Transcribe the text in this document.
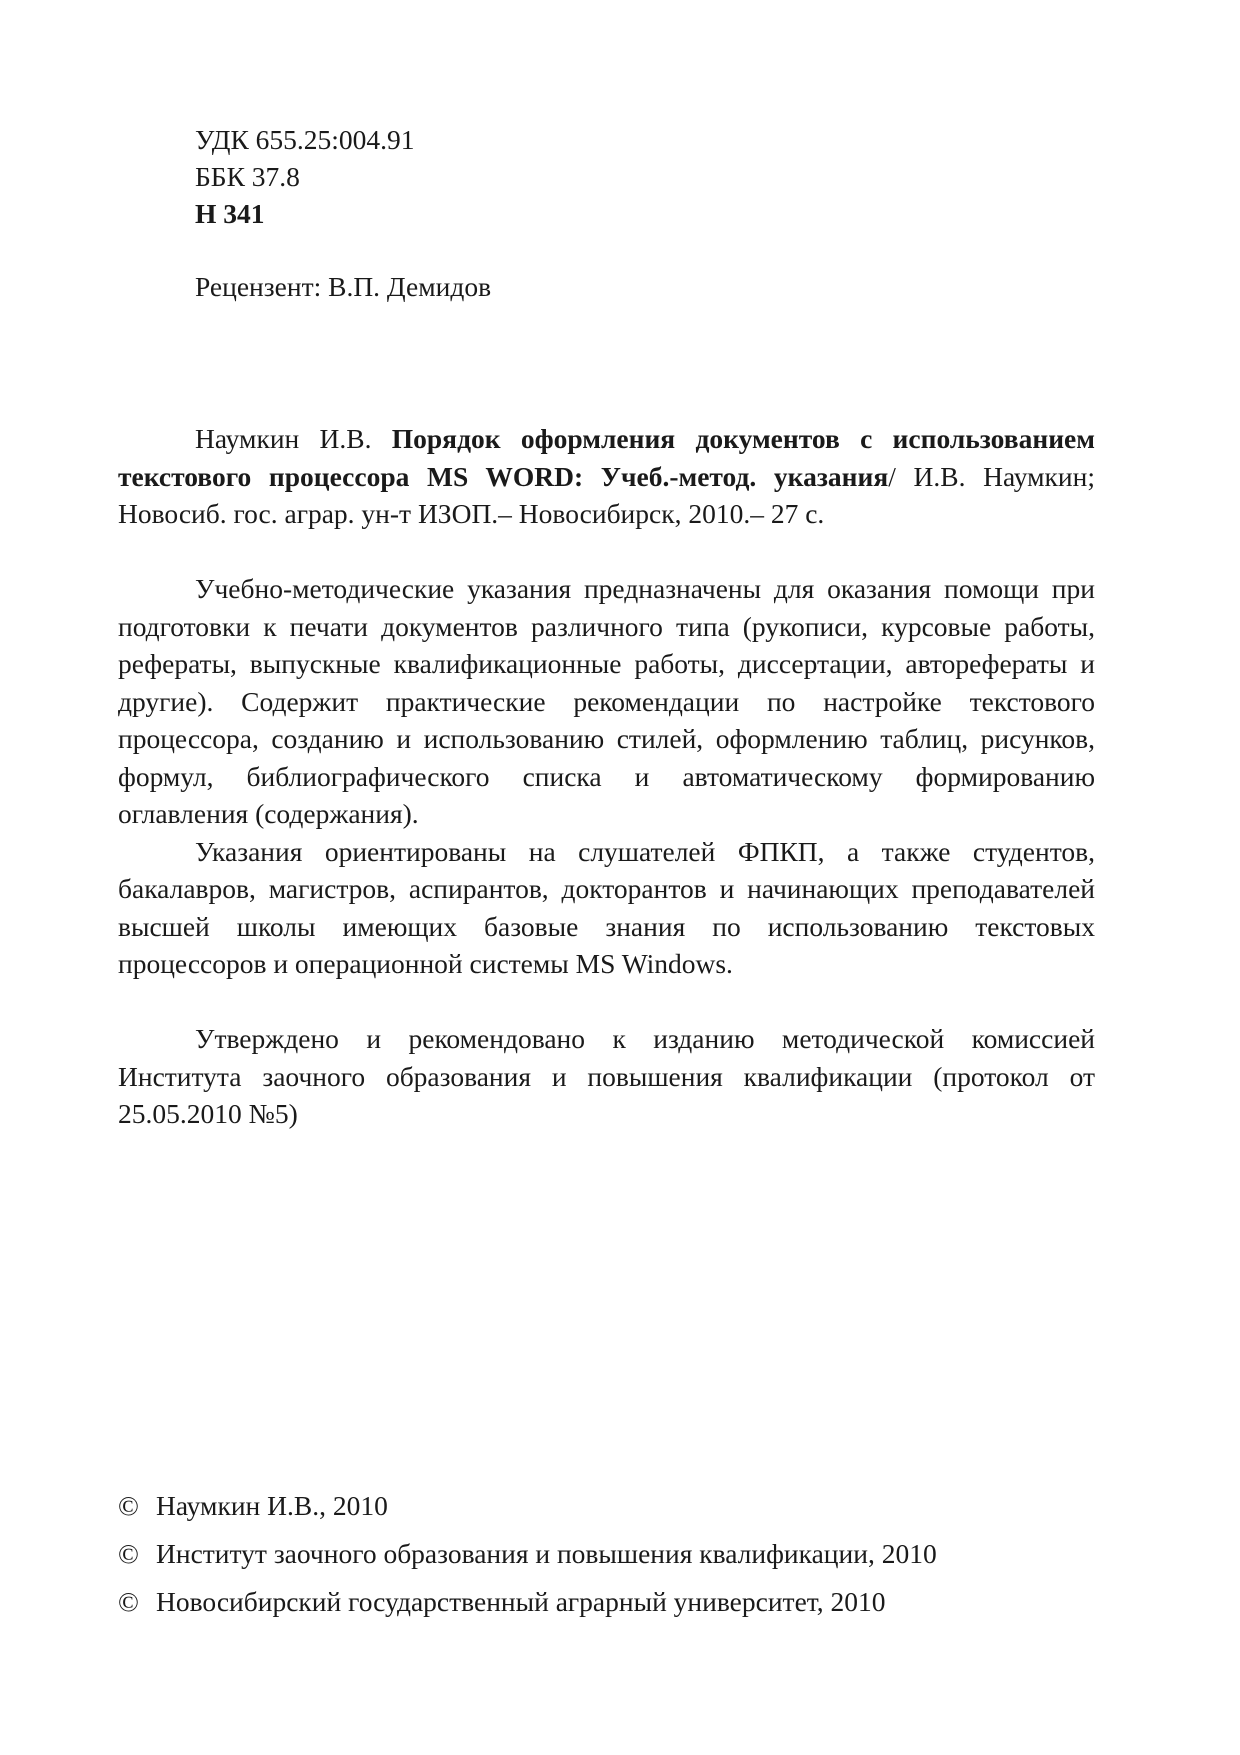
УДК 655.25:004.91
ББК 37.8
Н 341
Рецензент: В.П. Демидов

Наумкин И.В. Порядок оформления документов с использованием текстового процессора MS WORD: Учеб.-метод. указания/ И.В. Наумкин; Новосиб. гос. аграр. ун-т ИЗОП.– Новосибирск, 2010.– 27 с.

Учебно-методические указания предназначены для оказания помощи при подготовки к печати документов различного типа (рукописи, курсовые работы, рефераты, выпускные квалификационные работы, диссертации, авторефераты и другие). Содержит практические рекомендации по настройке текстового процессора, созданию и использованию стилей, оформлению таблиц, рисунков, формул, библиографического списка и автоматическому формированию оглавления (содержания).

Указания ориентированы на слушателей ФПКП, а также студентов, бакалавров, магистров, аспирантов, докторантов и начинающих преподавателей высшей школы имеющих базовые знания по использованию текстовых процессоров и операционной системы MS Windows.

Утверждено и рекомендовано к изданию методической комиссией Института заочного образования и повышения квалификации (протокол от 25.05.2010 №5)

© Наумкин И.В., 2010
© Институт заочного образования и повышения квалификации, 2010
© Новосибирский государственный аграрный университет, 2010
